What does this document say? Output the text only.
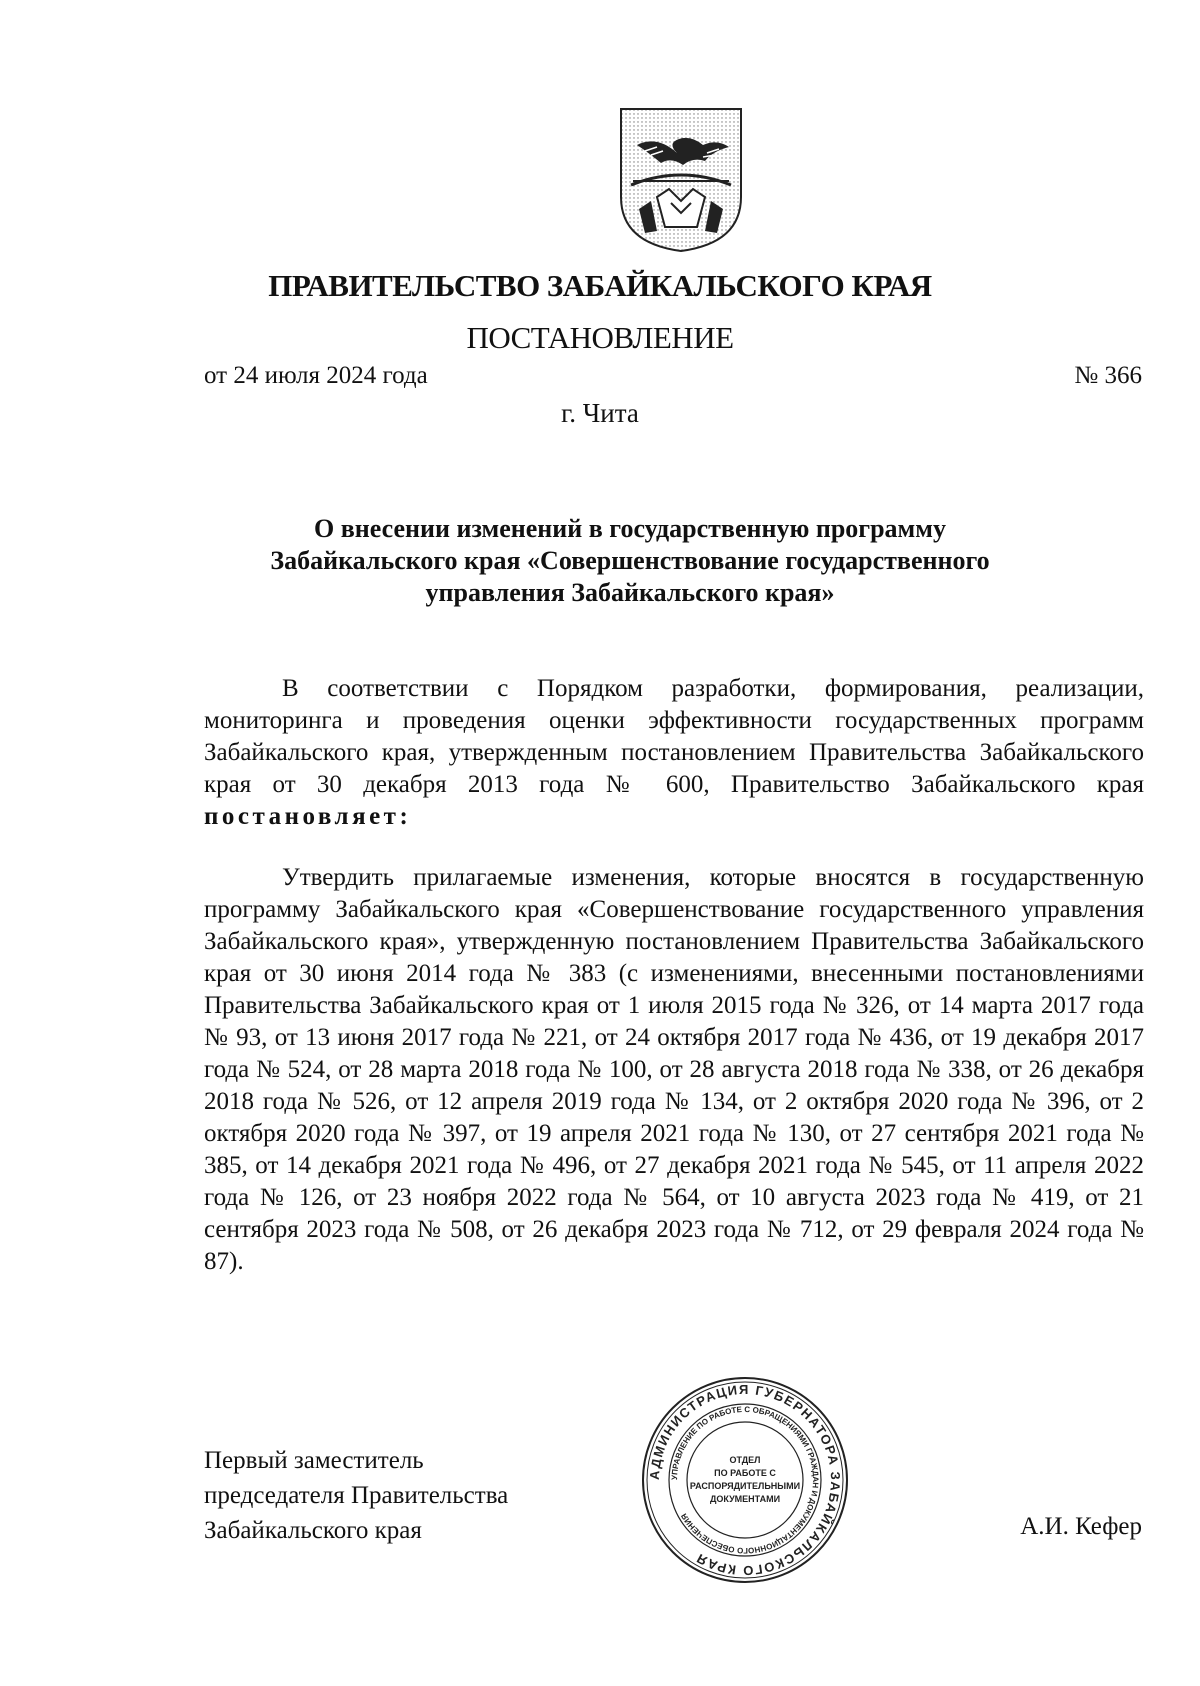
ПРАВИТЕЛЬСТВО ЗАБАЙКАЛЬСКОГО КРАЯ
ПОСТАНОВЛЕНИЕ
от 24 июля 2024 года	№ 366
г. Чита
О внесении изменений в государственную программу Забайкальского края «Совершенствование государственного управления Забайкальского края»

В соответствии с Порядком разработки, формирования, реализации, мониторинга и проведения оценки эффективности государственных программ Забайкальского края, утвержденным постановлением Правительства Забайкальского края от 30 декабря 2013 года № 600, Правительство Забайкальского края постановляет:

Утвердить прилагаемые изменения, которые вносятся в государственную программу Забайкальского края «Совершенствование государственного управления Забайкальского края», утвержденную постановлением Правительства Забайкальского края от 30 июня 2014 года № 383 (с изменениями, внесенными постановлениями Правительства Забайкальского края от 1 июля 2015 года № 326, от 14 марта 2017 года № 93, от 13 июня 2017 года № 221, от 24 октября 2017 года № 436, от 19 декабря 2017 года № 524, от 28 марта 2018 года № 100, от 28 августа 2018 года № 338, от 26 декабря 2018 года № 526, от 12 апреля 2019 года № 134, от 2 октября 2020 года № 396, от 2 октября 2020 года № 397, от 19 апреля 2021 года № 130, от 27 сентября 2021 года № 385, от 14 декабря 2021 года № 496, от 27 декабря 2021 года № 545, от 11 апреля 2022 года № 126, от 23 ноября 2022 года № 564, от 10 августа 2023 года № 419, от 21 сентября 2023 года № 508, от 26 декабря 2023 года № 712, от 29 февраля 2024 года № 87).

Первый заместитель
председателя Правительства
Забайкальского края	А.И. Кефер
АДМИНИСТРАЦИЯ ГУБЕРНАТОРА ЗАБАЙКАЛЬСКОГО КРАЯ
УПРАВЛЕНИЕ ПО РАБОТЕ С ОБРАЩЕНИЯМИ ГРАЖДАН И ДОКУМЕНТАЦИОННОГО ОБЕСПЕЧЕНИЯ
ОТДЕЛ
ПО РАБОТЕ С
РАСПОРЯДИТЕЛЬНЫМИ
ДОКУМЕНТАМИ
